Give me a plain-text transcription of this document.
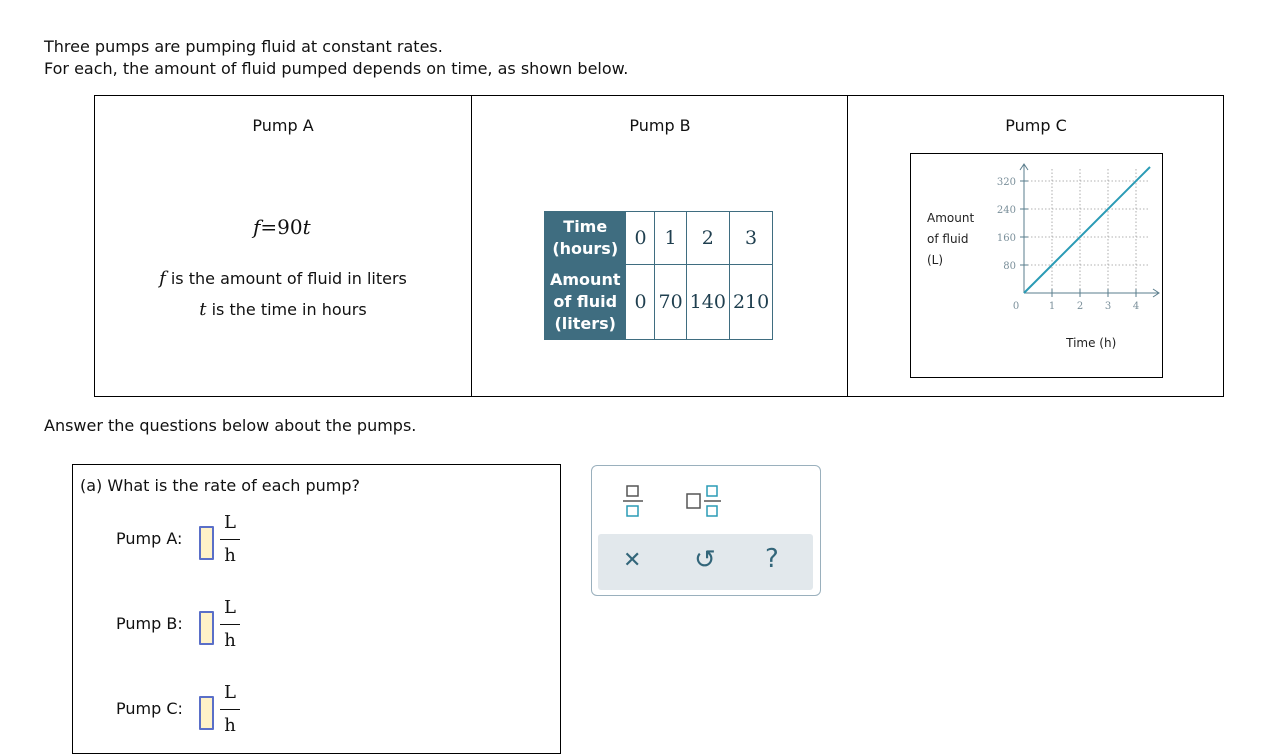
Three pumps are pumping fluid at constant rates.
For each, the amount of fluid pumped depends on time, as shown below.
Pump A
f=90t
f is the amount of fluid in liters
t is the time in hours
Pump B
Time
(hours)	0	1	2	3
Amount
of fluid
(liters)	0	70	140	210
Pump C
1 2 3 4
80
160
240
320
0
Amount
of fluid
(L)
Time (h)
Answer the questions below about the pumps.
(a) What is the rate of each pump?
Pump A:
L
h
Pump B:
L
h
Pump C:
L
h
✕ ↺ ?
